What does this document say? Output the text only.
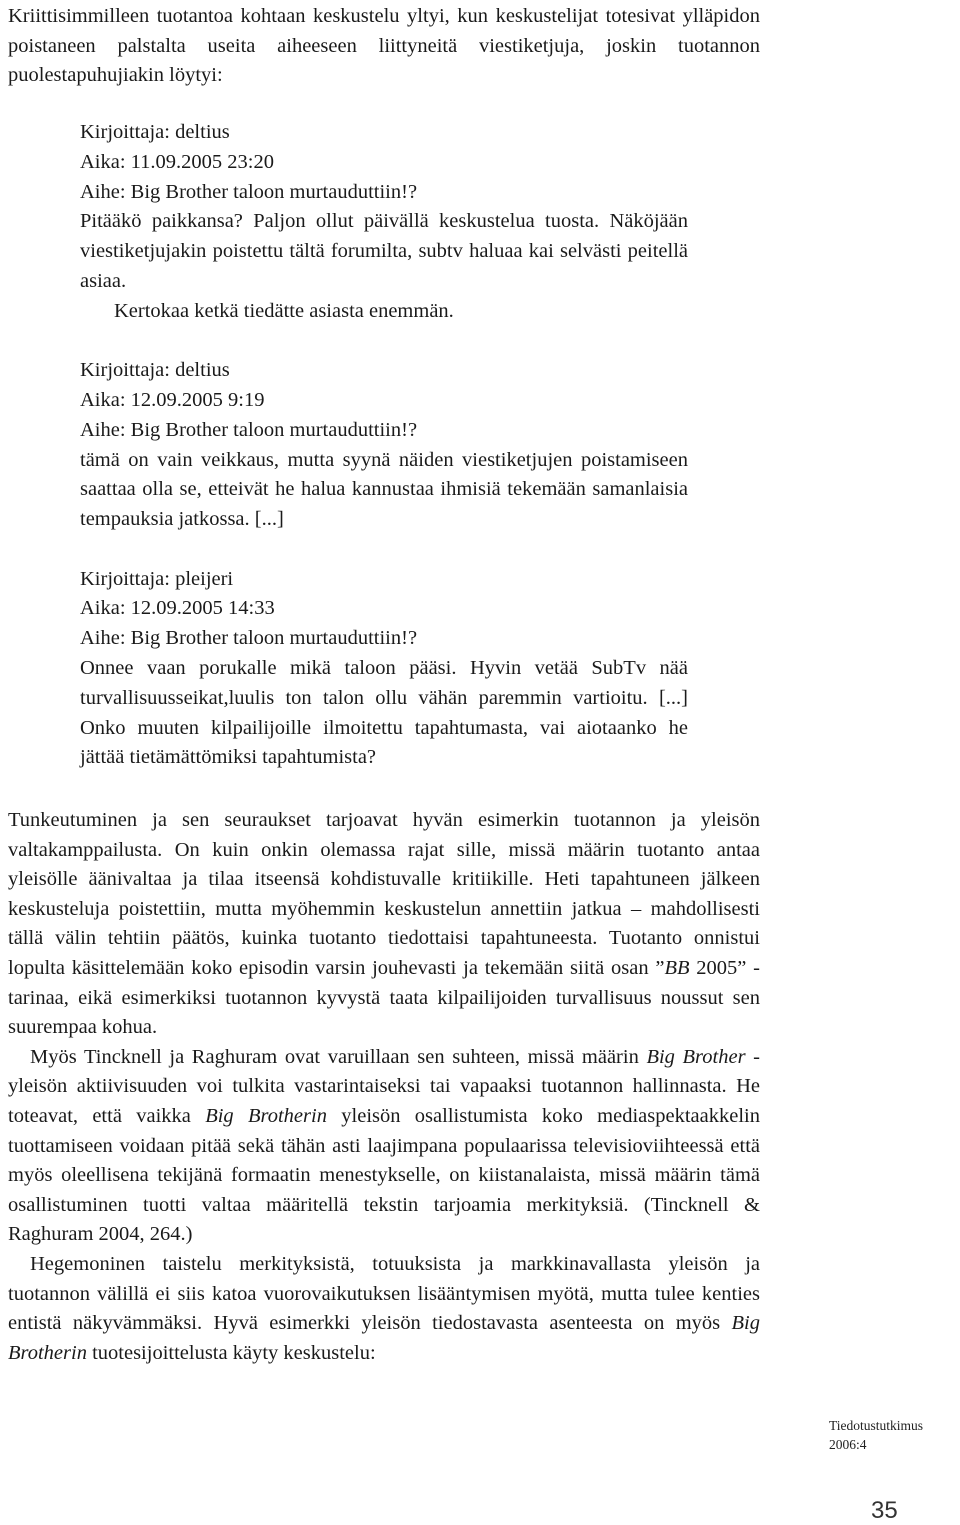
Kriittisimmilleen tuotantoa kohtaan keskustelu yltyi, kun keskustelijat totesivat ylläpidon poistaneen palstalta useita aiheeseen liittyneitä viestiketjuja, joskin tuotannon puolestapuhujiakin löytyi:

Kirjoittaja: deltius
Aika: 11.09.2005 23:20
Aihe: Big Brother taloon murtauduttiin!?

Pitääkö paikkansa? Paljon ollut päivällä keskustelua tuosta. Näköjään viestiketjujakin poistettu tältä forumilta, subtv haluaa kai selvästi peitellä asiaa.

Kertokaa ketkä tiedätte asiasta enemmän.

Kirjoittaja: deltius
Aika: 12.09.2005 9:19
Aihe: Big Brother taloon murtauduttiin!?

tämä on vain veikkaus, mutta syynä näiden viestiketjujen poistamiseen saattaa olla se, etteivät he halua kannustaa ihmisiä tekemään samanlaisia tempauksia jatkossa. [...]

Kirjoittaja: pleijeri
Aika: 12.09.2005 14:33
Aihe: Big Brother taloon murtauduttiin!?

Onnee vaan porukalle mikä taloon pääsi. Hyvin vetää SubTv nää turvallisuusseikat,luulis ton talon ollu vähän paremmin vartioitu. [...] Onko muuten kilpailijoille ilmoitettu tapahtumasta, vai aiotaanko he jättää tietämättömiksi tapahtumista?

Tunkeutuminen ja sen seuraukset tarjoavat hyvän esimerkin tuotannon ja yleisön valtakamppailusta. On kuin onkin olemassa rajat sille, missä määrin tuotanto antaa yleisölle äänivaltaa ja tilaa itseensä kohdistuvalle kritiikille. Heti tapahtuneen jälkeen keskusteluja poistettiin, mutta myöhemmin keskustelun annettiin jatkua – mahdollisesti tällä välin tehtiin päätös, kuinka tuotanto tiedottaisi tapahtuneesta. Tuotanto onnistui lopulta käsittelemään koko episodin varsin jouhevasti ja tekemään siitä osan ”BB 2005” -tarinaa, eikä esimerkiksi tuotannon kyvystä taata kilpailijoiden turvallisuus noussut sen suurempaa kohua.

Myös Tincknell ja Raghuram ovat varuillaan sen suhteen, missä määrin Big Brother -yleisön aktiivisuuden voi tulkita vastarintaiseksi tai vapaaksi tuotannon hallinnasta. He toteavat, että vaikka Big Brotherin yleisön osallistumista koko mediaspektaakkelin tuottamiseen voidaan pitää sekä tähän asti laajimpana populaarissa televisioviihteessä että myös oleellisena tekijänä formaatin menestykselle, on kiistanalaista, missä määrin tämä osallistuminen tuotti valtaa määritellä tekstin tarjoamia merkityksiä. (Tincknell & Raghuram 2004, 264.)

Hegemoninen taistelu merkityksistä, totuuksista ja markkinavallasta yleisön ja tuotannon välillä ei siis katoa vuorovaikutuksen lisääntymisen myötä, mutta tulee kenties entistä näkyvämmäksi. Hyvä esimerkki yleisön tiedostavasta asenteesta on myös Big Brotherin tuotesijoittelusta käyty keskustelu:

Tiedotustutkimus
2006:4
35
